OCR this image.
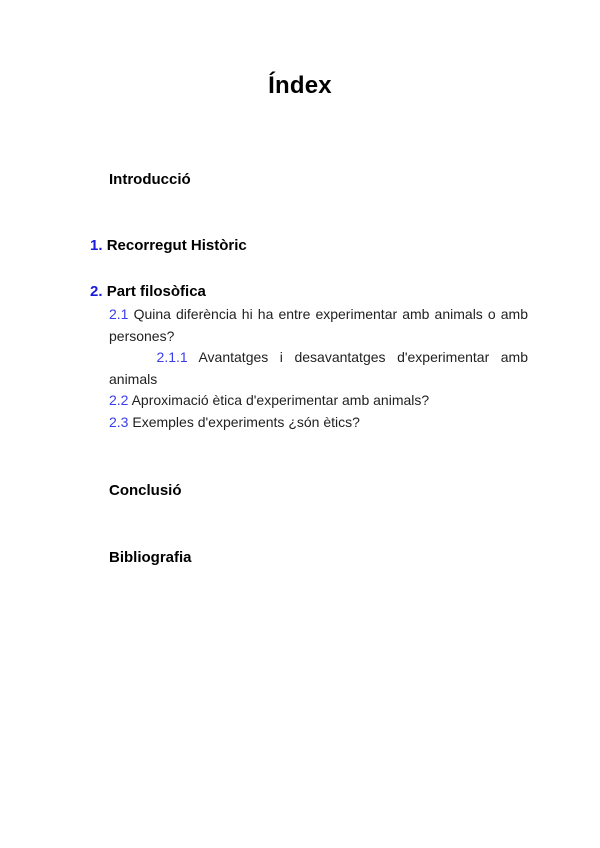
Índex
Introducció
1. Recorregut Històric
2. Part filosòfica
2.1 Quina diferència hi ha entre experimentar amb animals o amb persones?
2.1.1 Avantatges i desavantatges d'experimentar amb animals
2.2 Aproximació ètica d'experimentar amb animals?
2.3 Exemples d'experiments ¿són ètics?
Conclusió
Bibliografia
